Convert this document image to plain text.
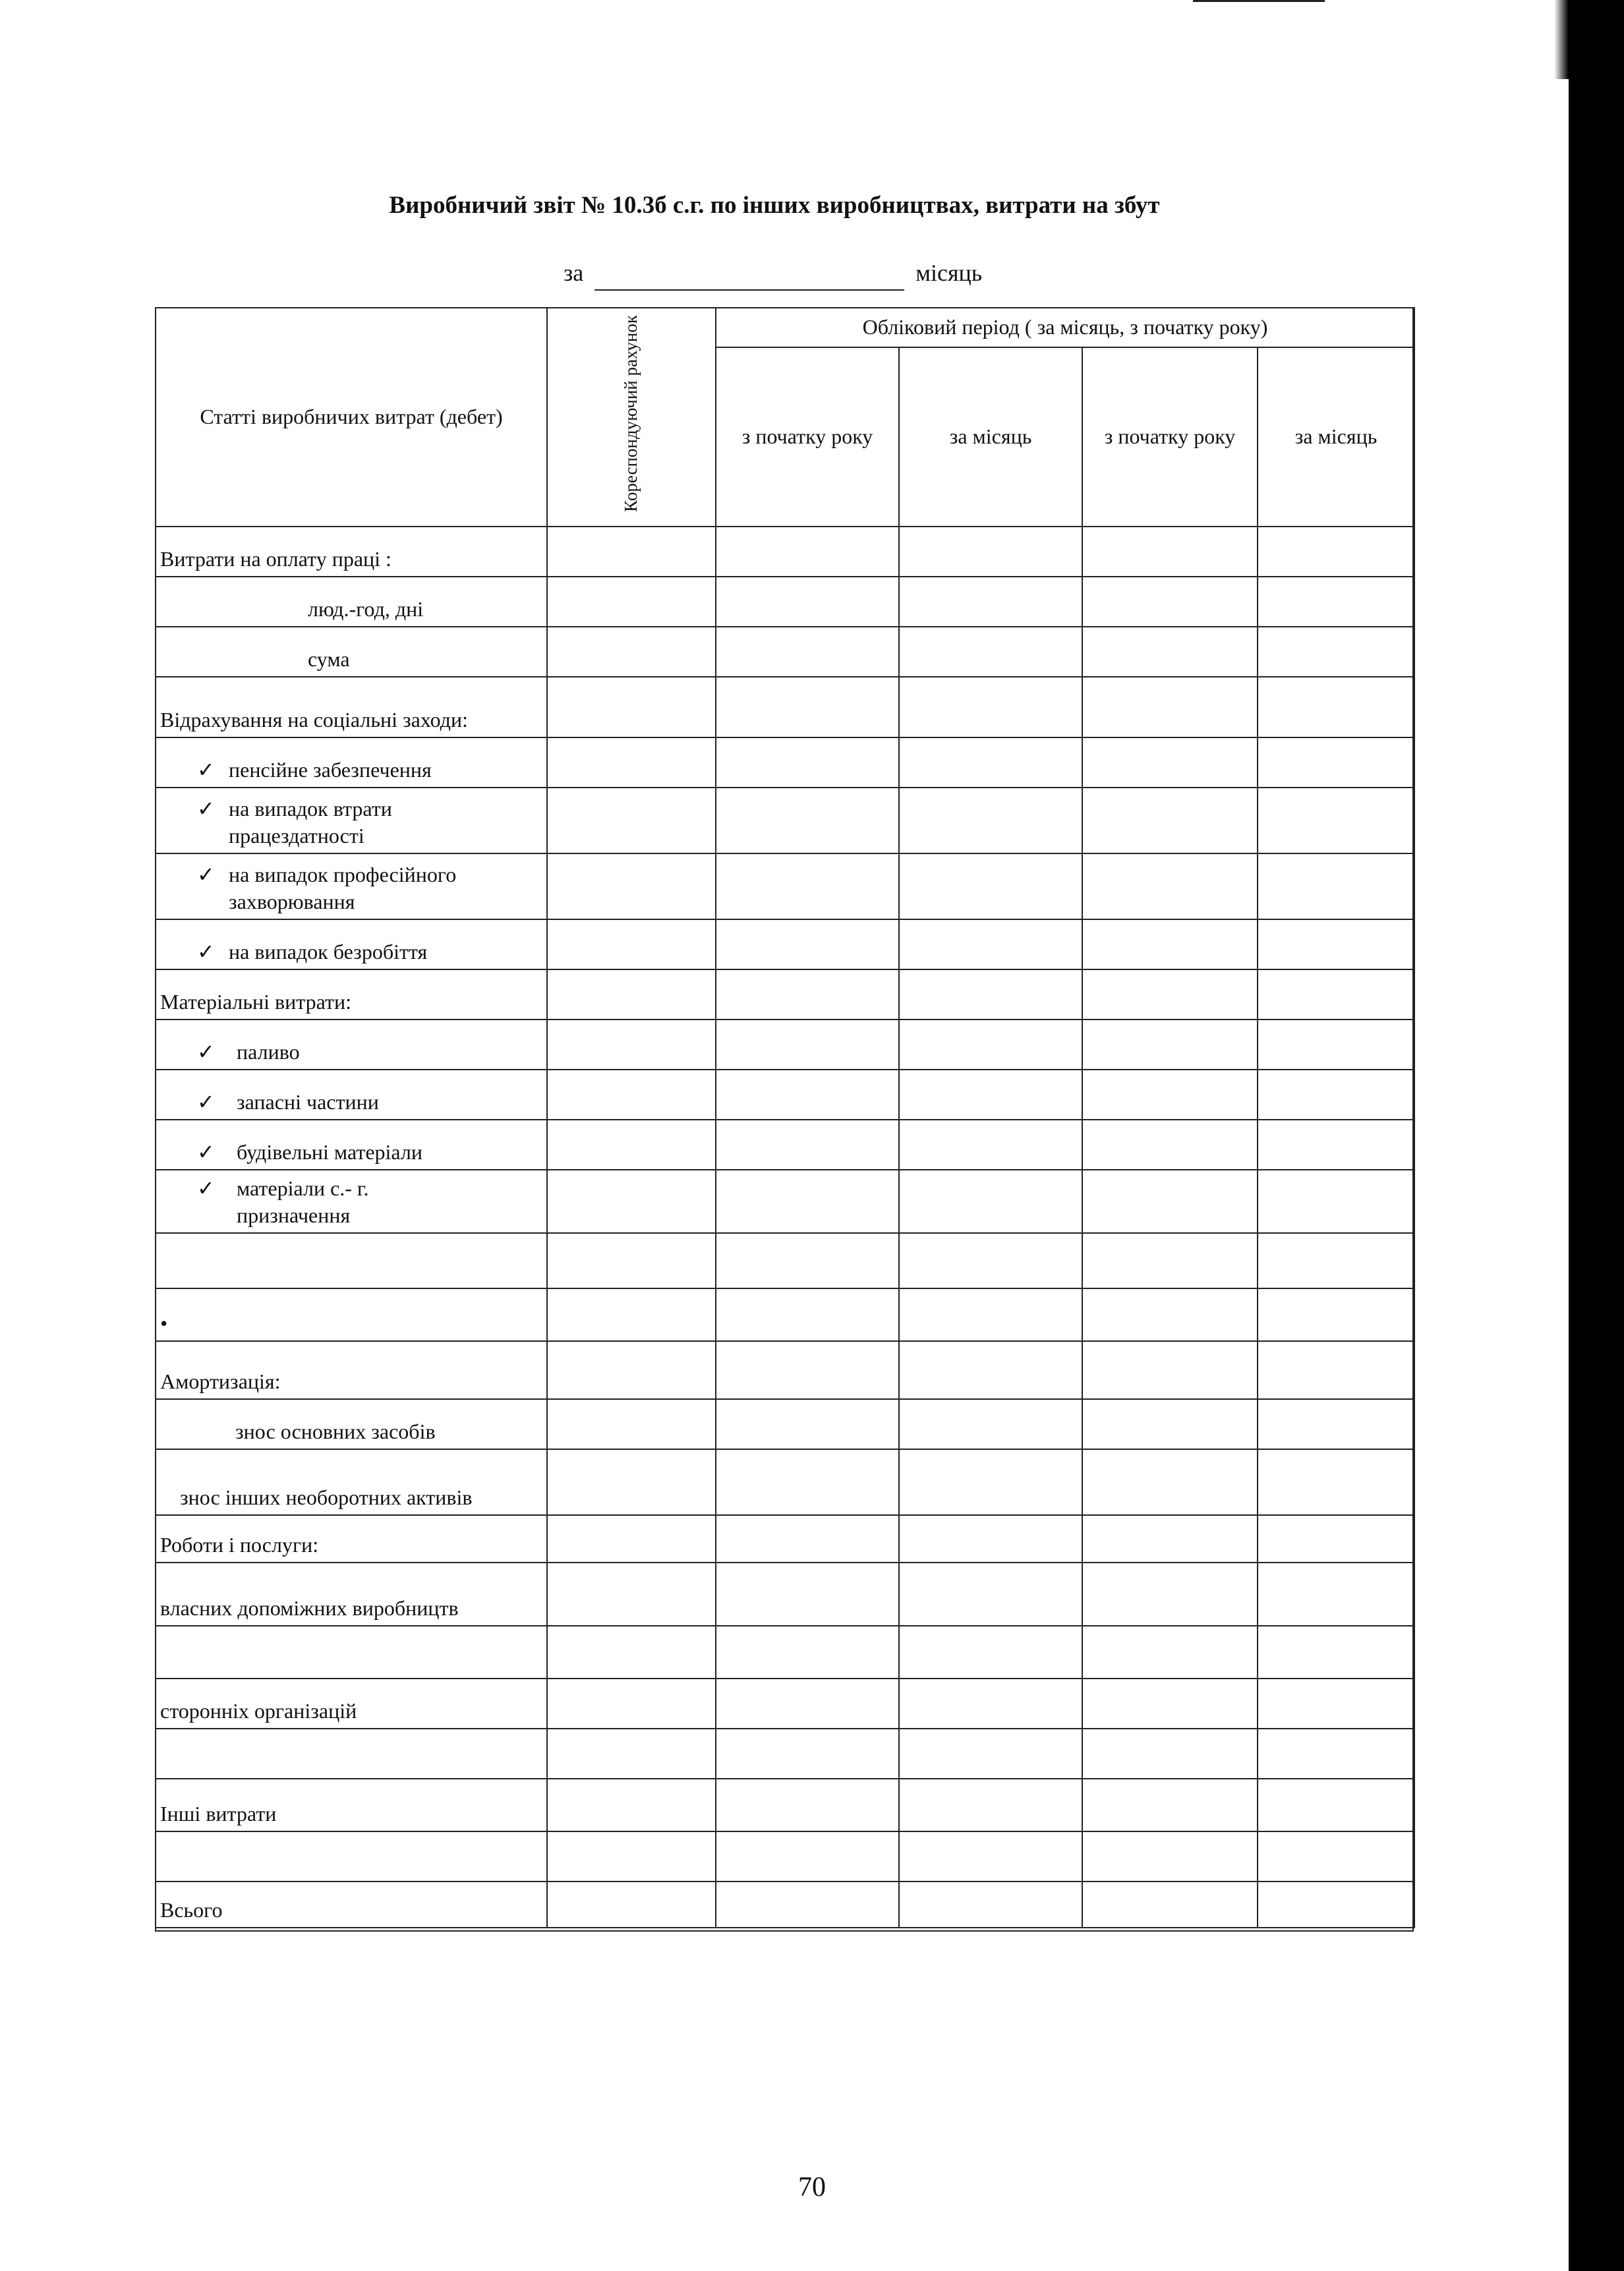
Виробничий звіт № 10.3б с.г. по інших виробництвах, витрати на збут
за	місяць
Статті виробничих витрат (дебет)	Кореспондуючий рахунок	Обліковий період ( за місяць, з початку року)			
		з початку року	за місяць	з початку року	за місяць
Витрати на оплату праці :					
люд.-год, дні					
сума					
Відрахування на соціальні заходи:					
✓ пенсійне забезпечення					
✓ на випадок втрати працездатності					
✓ на випадок професійного захворювання					
✓ на випадок безробіття					
Матеріальні витрати:					
✓ паливо					
✓ запасні частини					
✓ будівельні матеріали					
✓ матеріали с.- г. призначення					

•					
Амортизація:					
знос основних засобів					
знос інших необоротних активів					
Роботи і послуги:					
власних допоміжних виробництв					

сторонніх організацій					

Інші витрати					

Всього					
70
